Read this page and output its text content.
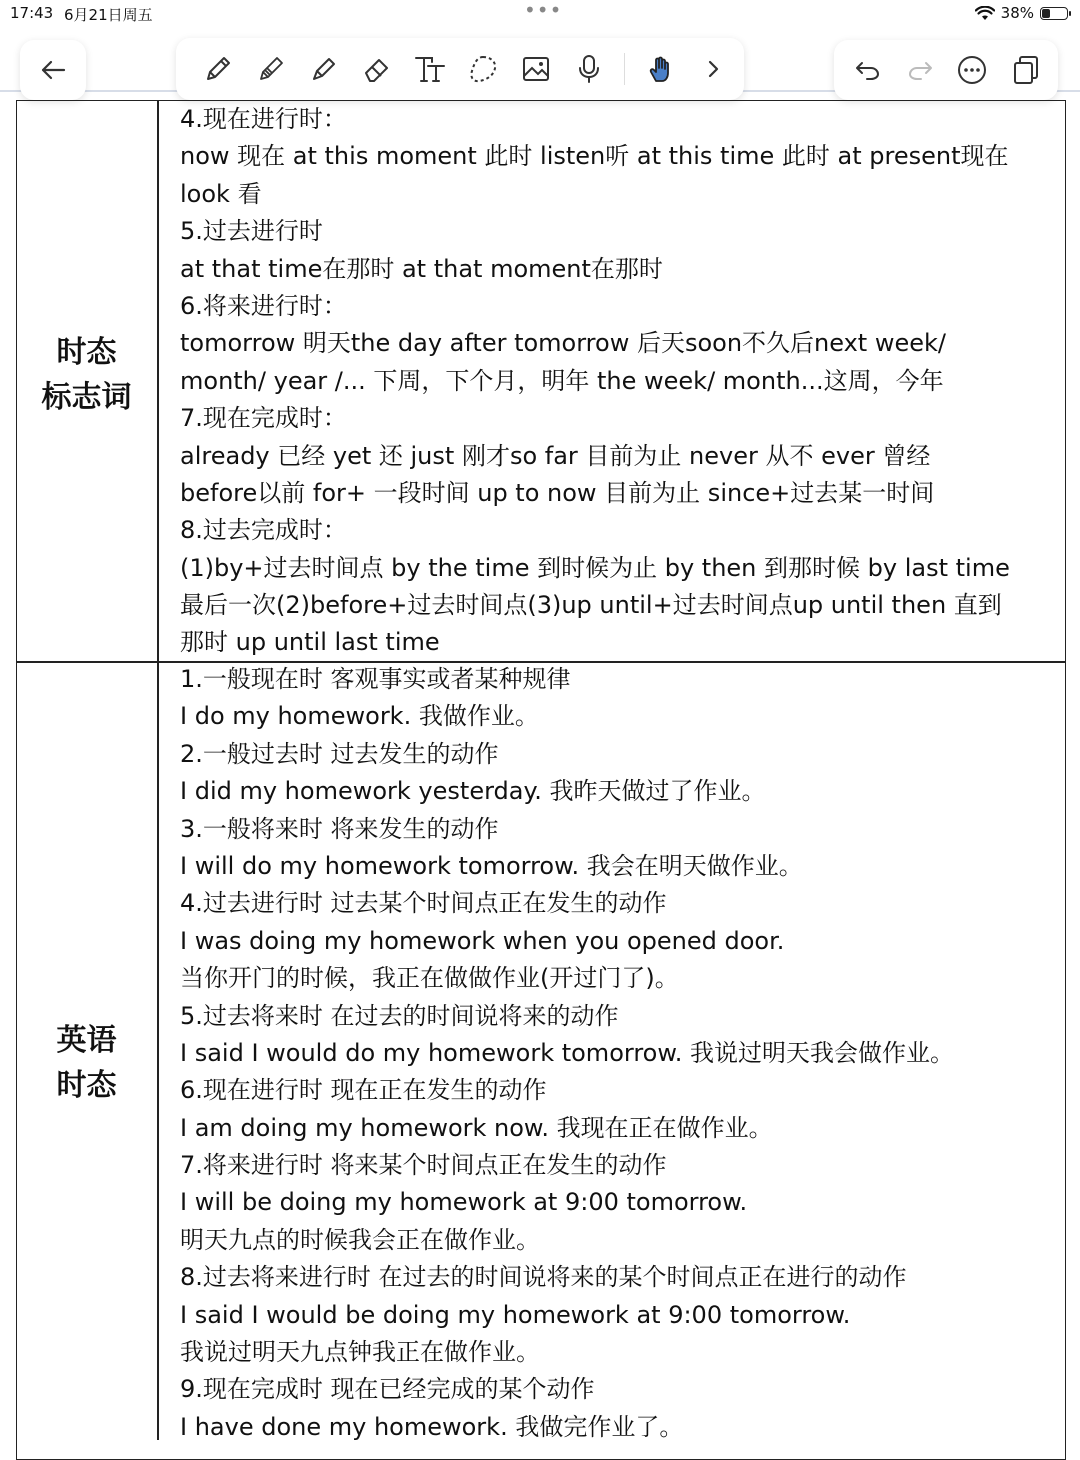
17:43 6月21日周五	•••	38%
时态
标志词
英语
时态
4.现在进行时：
now 现在 at this moment 此时 listen听 at this time 此时 at present现在
look 看
5.过去进行时
at that time在那时 at that moment在那时
6.将来进行时：
tomorrow 明天the day after tomorrow 后天soon不久后next week/
month/ year /... 下周，下个月，明年 the week/ month...这周，今年
7.现在完成时：
already 已经 yet 还 just 刚才so far 目前为止 never 从不 ever 曾经
before以前 for+ 一段时间 up to now 目前为止 since+过去某一时间
8.过去完成时：
(1)by+过去时间点 by the time 到时候为止 by then 到那时候 by last time
最后一次(2)before+过去时间点(3)up until+过去时间点up until then 直到
那时 up until last time
1.一般现在时 客观事实或者某种规律
I do my homework. 我做作业。
2.一般过去时 过去发生的动作
I did my homework yesterday. 我昨天做过了作业。
3.一般将来时 将来发生的动作
I will do my homework tomorrow. 我会在明天做作业。
4.过去进行时 过去某个时间点正在发生的动作
I was doing my homework when you opened door.
当你开门的时候，我正在做做作业(开过门了)。
5.过去将来时 在过去的时间说将来的动作
I said I would do my homework tomorrow. 我说过明天我会做作业。
6.现在进行时 现在正在发生的动作
I am doing my homework now. 我现在正在做作业。
7.将来进行时 将来某个时间点正在发生的动作
I will be doing my homework at 9:00 tomorrow.
明天九点的时候我会正在做作业。
8.过去将来进行时 在过去的时间说将来的某个时间点正在进行的动作
I said I would be doing my homework at 9:00 tomorrow.
我说过明天九点钟我正在做作业。
9.现在完成时 现在已经完成的某个动作
I have done my homework. 我做完作业了。
